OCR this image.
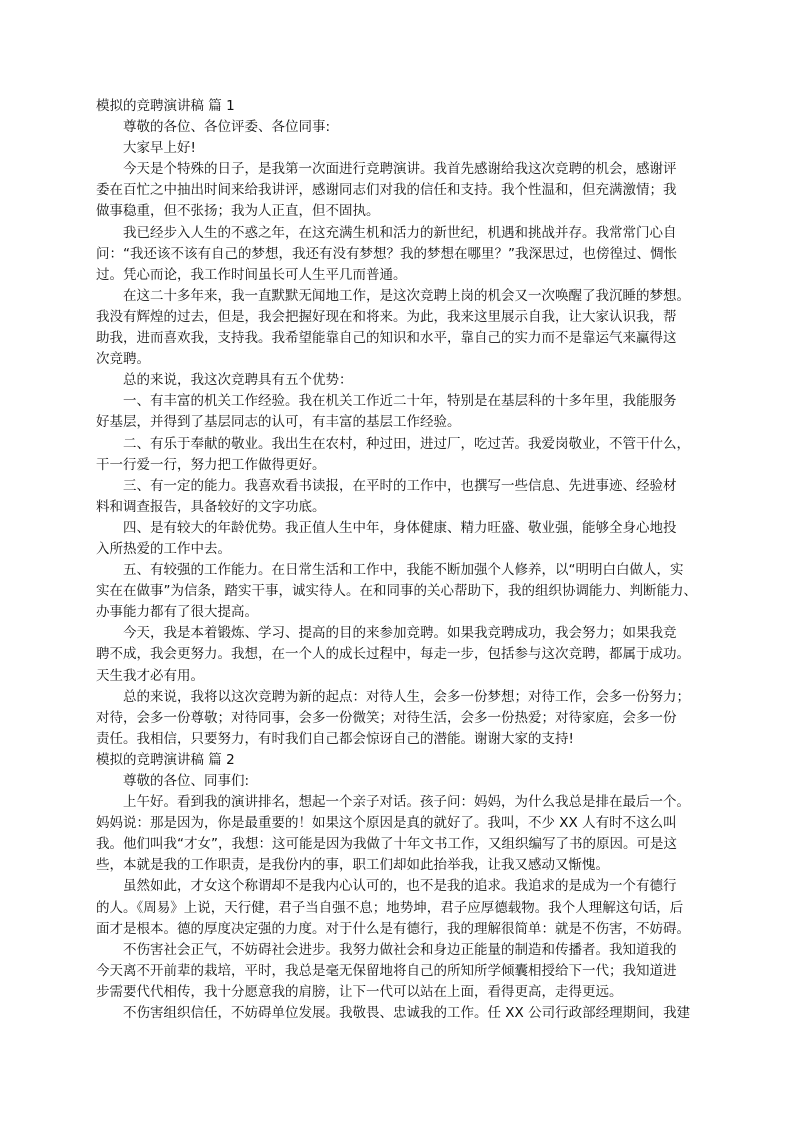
模拟的竞聘演讲稿 篇 1

尊敬的各位、各位评委、各位同事:

大家早上好!

今天是个特殊的日子，是我第一次面进行竞聘演讲。我首先感谢给我这次竞聘的机会，感谢评

委在百忙之中抽出时间来给我讲评，感谢同志们对我的信任和支持。我个性温和，但充满激情；我

做事稳重，但不张扬；我为人正直，但不固执。

我已经步入人生的不惑之年，在这充满生机和活力的新世纪，机遇和挑战并存。我常常门心自

问：“我还该不该有自己的梦想，我还有没有梦想？我的梦想在哪里？”我深思过，也傍徨过、惆怅

过。凭心而论，我工作时间虽长可人生平几而普通。

在这二十多年来，我一直默默无闻地工作，是这次竞聘上岗的机会又一次唤醒了我沉睡的梦想。

我没有辉煌的过去，但是，我会把握好现在和将来。为此，我来这里展示自我，让大家认识我，帮

助我，进而喜欢我，支持我。我希望能靠自己的知识和水平，靠自己的实力而不是靠运气来赢得这

次竞聘。

总的来说，我这次竞聘具有五个优势：

一、有丰富的机关工作经验。我在机关工作近二十年，特别是在基层科的十多年里，我能服务

好基层，并得到了基层同志的认可，有丰富的基层工作经验。

二、有乐于奉献的敬业。我出生在农村，种过田，进过厂，吃过苦。我爱岗敬业，不管干什么，

干一行爱一行，努力把工作做得更好。

三、有一定的能力。我喜欢看书读报，在平时的工作中，也撰写一些信息、先进事迹、经验材

料和调查报告，具备较好的文字功底。

四、是有较大的年龄优势。我正值人生中年，身体健康、精力旺盛、敬业强，能够全身心地投

入所热爱的工作中去。

五、有较强的工作能力。在日常生活和工作中，我能不断加强个人修养，以“明明白白做人，实

实在在做事”为信条，踏实干事，诚实待人。在和同事的关心帮助下，我的组织协调能力、判断能力、

办事能力都有了很大提高。

今天，我是本着锻炼、学习、提高的目的来参加竞聘。如果我竞聘成功，我会努力；如果我竞

聘不成，我会更努力。我想，在一个人的成长过程中，每走一步，包括参与这次竞聘，都属于成功。

天生我才必有用。

总的来说，我将以这次竞聘为新的起点：对待人生，会多一份梦想；对待工作，会多一份努力；

对待，会多一份尊敬；对待同事，会多一份微笑；对待生活，会多一份热爱；对待家庭，会多一份

责任。我相信，只要努力，有时我们自己都会惊讶自己的潜能。谢谢大家的支持!

模拟的竞聘演讲稿 篇 2

尊敬的各位、同事们:

上午好。看到我的演讲排名，想起一个亲子对话。孩子问：妈妈，为什么我总是排在最后一个。

妈妈说：那是因为，你是最重要的！如果这个原因是真的就好了。我叫，不少 XX 人有时不这么叫

我。他们叫我“才女”，我想：这可能是因为我做了十年文书工作，又组织编写了书的原因。可是这

些，本就是我的工作职责，是我份内的事，职工们却如此抬举我，让我又感动又惭愧。

虽然如此，才女这个称谓却不是我内心认可的，也不是我的追求。我追求的是成为一个有德行

的人。《周易》上说，天行健，君子当自强不息；地势坤，君子应厚德载物。我个人理解这句话，后

面才是根本。德的厚度决定强的力度。对于什么是有德行，我的理解很简单：就是不伤害，不妨碍。

不伤害社会正气，不妨碍社会进步。我努力做社会和身边正能量的制造和传播者。我知道我的

今天离不开前辈的栽培，平时，我总是毫无保留地将自己的所知所学倾囊相授给下一代；我知道进

步需要代代相传，我十分愿意我的肩膀，让下一代可以站在上面，看得更高，走得更远。

不伤害组织信任，不妨碍单位发展。我敬畏、忠诚我的工作。任 XX 公司行政部经理期间，我建
